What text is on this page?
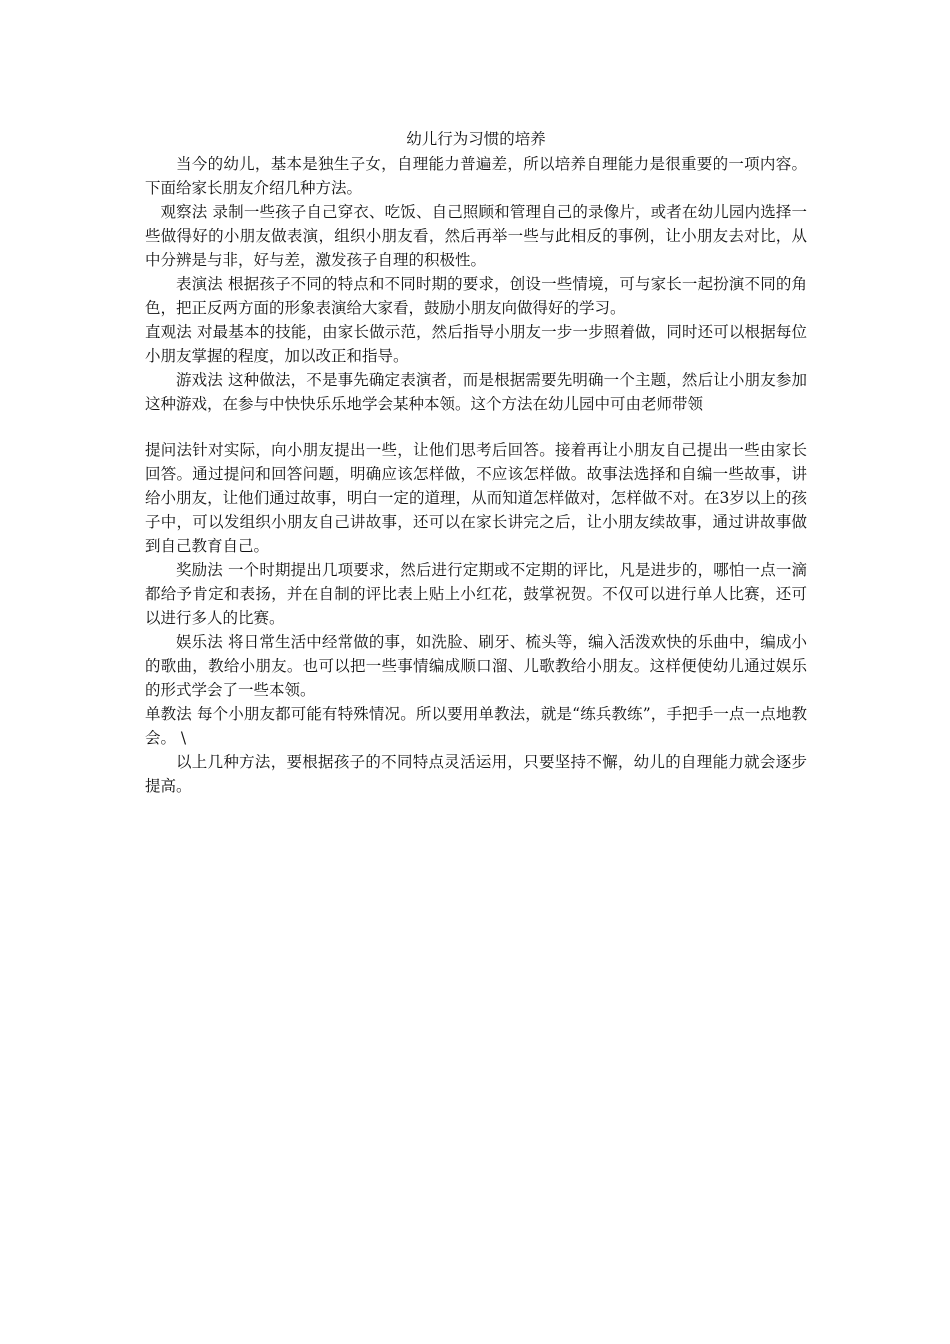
幼儿行为习惯的培养

当今的幼儿，基本是独生子女，自理能力普遍差，所以培养自理能力是很重要的一项内容。下面给家长朋友介绍几种方法。

观察法 录制一些孩子自己穿衣、吃饭、自己照顾和管理自己的录像片，或者在幼儿园内选择一些做得好的小朋友做表演，组织小朋友看，然后再举一些与此相反的事例，让小朋友去对比，从中分辨是与非，好与差，激发孩子自理的积极性。

表演法 根据孩子不同的特点和不同时期的要求，创设一些情境，可与家长一起扮演不同的角色，把正反两方面的形象表演给大家看，鼓励小朋友向做得好的学习。

直观法 对最基本的技能，由家长做示范，然后指导小朋友一步一步照着做，同时还可以根据每位小朋友掌握的程度，加以改正和指导。

游戏法 这种做法，不是事先确定表演者，而是根据需要先明确一个主题，然后让小朋友参加这种游戏，在参与中快快乐乐地学会某种本领。这个方法在幼儿园中可由老师带领

提问法针对实际，向小朋友提出一些，让他们思考后回答。接着再让小朋友自己提出一些由家长回答。通过提问和回答问题，明确应该怎样做，不应该怎样做。故事法选择和自编一些故事，讲给小朋友，让他们通过故事，明白一定的道理，从而知道怎样做对，怎样做不对。在3岁以上的孩子中，可以发组织小朋友自己讲故事，还可以在家长讲完之后，让小朋友续故事，通过讲故事做到自己教育自己。

奖励法 一个时期提出几项要求，然后进行定期或不定期的评比，凡是进步的，哪怕一点一滴都给予肯定和表扬，并在自制的评比表上贴上小红花，鼓掌祝贺。不仅可以进行单人比赛，还可以进行多人的比赛。

娱乐法 将日常生活中经常做的事，如洗脸、刷牙、梳头等，编入活泼欢快的乐曲中，编成小的歌曲，教给小朋友。也可以把一些事情编成顺口溜、儿歌教给小朋友。这样便使幼儿通过娱乐的形式学会了一些本领。

单教法 每个小朋友都可能有特殊情况。所以要用单教法，就是“练兵教练”，手把手一点一点地教会。 \

以上几种方法，要根据孩子的不同特点灵活运用，只要坚持不懈，幼儿的自理能力就会逐步提高。
